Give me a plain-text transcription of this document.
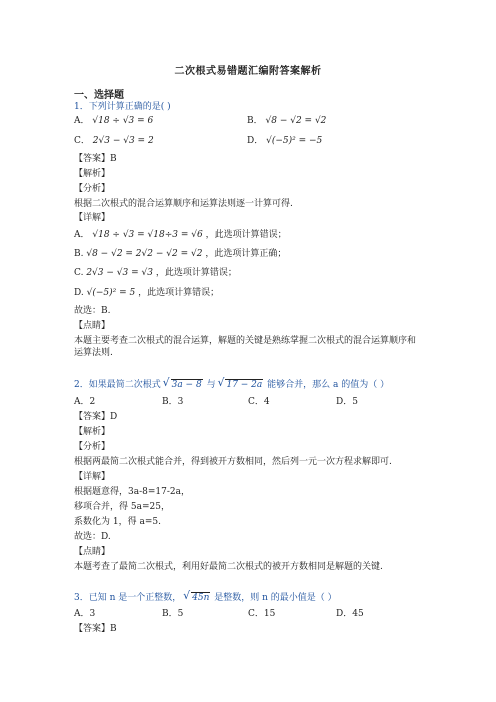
二次根式易错题汇编附答案解析
一、选择题
1．下列计算正确的是( )
A． √18 ÷ √3 = 6	B． √8 − √2 = √2
C． 2√3 − √3 = 2	D． √(−5)² = −5
【答案】B
【解析】
【分析】
根据二次根式的混合运算顺序和运算法则逐一计算可得.
【详解】
A． √18 ÷ √3 = √18÷3 = √6 ，此选项计算错误；
B. √8 − √2 = 2√2 − √2 = √2 ，此选项计算正确；
C. 2√3 − √3 = √3 ，此选项计算错误；
D. √(−5)² = 5 ，此选项计算错误；
故选：B.
【点睛】
本题主要考查二次根式的混合运算，解题的关键是熟练掌握二次根式的混合运算顺序和运算法则.
2．如果最简二次根式 √ 3a − 8 与 √ 17 − 2a 能够合并，那么 a 的值为（ ）
A．2	B．3	C．4	D．5
【答案】D
【解析】
【分析】
根据两最简二次根式能合并，得到被开方数相同，然后列一元一次方程求解即可.
【详解】
根据题意得，3a-8=17-2a，
移项合并，得 5a=25，
系数化为 1，得 a=5.
故选：D.
【点睛】
本题考查了最简二次根式，利用好最简二次根式的被开方数相同是解题的关键.
3．已知 n 是一个正整数， √ 45n 是整数，则 n 的最小值是（ ）
A．3	B．5	C．15	D．45
【答案】B
